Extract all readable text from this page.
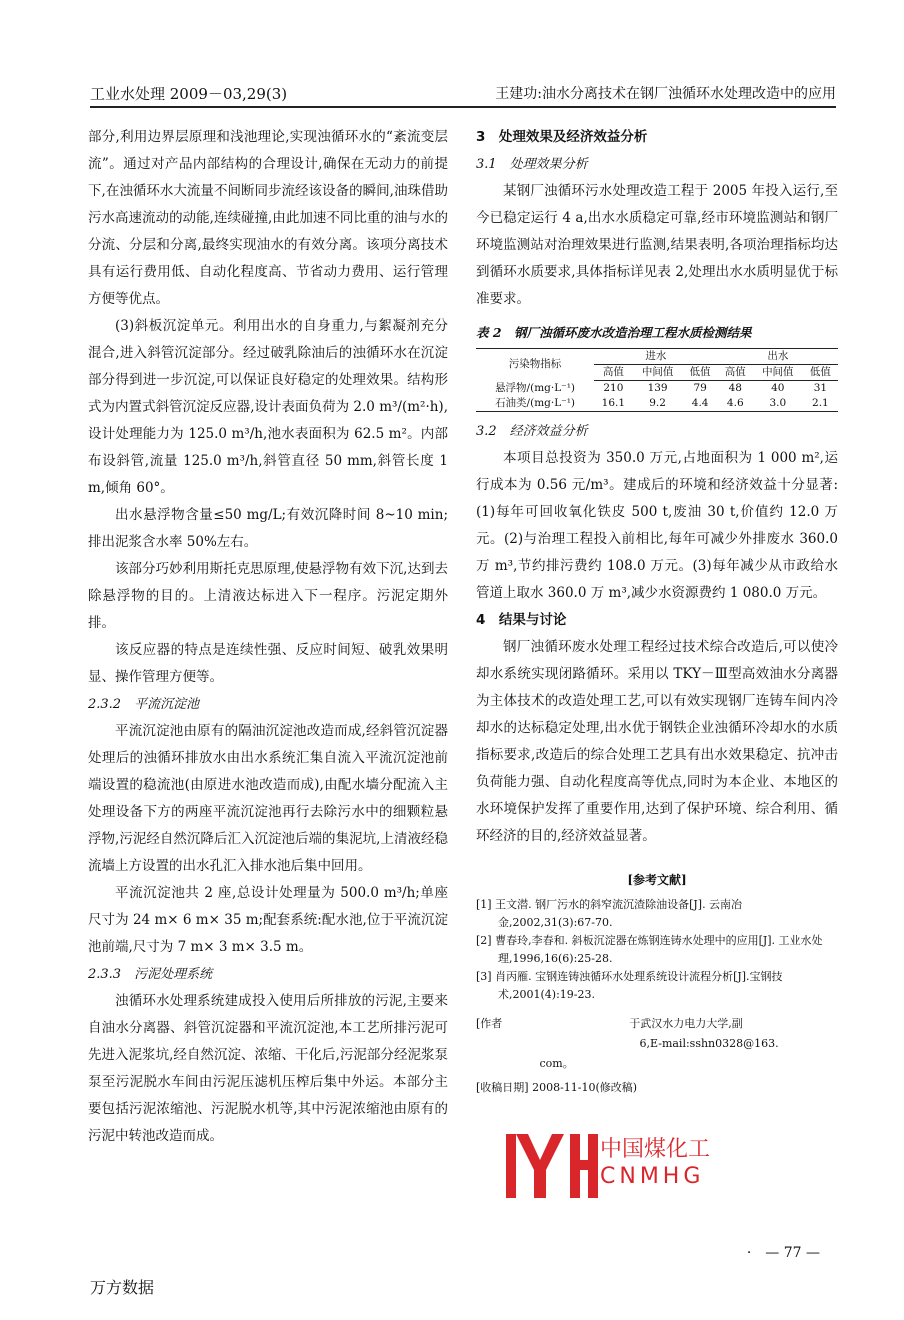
工业水处理 2009－03,29(3)	王建功:油水分离技术在钢厂浊循环水处理改造中的应用

部分,利用边界层原理和浅池理论,实现浊循环水的“紊流变层流”。通过对产品内部结构的合理设计,确保在无动力的前提下,在浊循环水大流量不间断同步流经该设备的瞬间,油珠借助污水高速流动的动能,连续碰撞,由此加速不同比重的油与水的分流、分层和分离,最终实现油水的有效分离。该项分离技术具有运行费用低、自动化程度高、节省动力费用、运行管理方便等优点。

(3)斜板沉淀单元。利用出水的自身重力,与絮凝剂充分混合,进入斜管沉淀部分。经过破乳除油后的浊循环水在沉淀部分得到进一步沉淀,可以保证良好稳定的处理效果。结构形式为内置式斜管沉淀反应器,设计表面负荷为 2.0 m³/(m²·h),设计处理能力为 125.0 m³/h,池水表面积为 62.5 m²。内部布设斜管,流量 125.0 m³/h,斜管直径 50 mm,斜管长度 1 m,倾角 60°。

出水悬浮物含量≤50 mg/L;有效沉降时间 8~10 min;排出泥浆含水率 50%左右。

该部分巧妙利用斯托克思原理,使悬浮物有效下沉,达到去除悬浮物的目的。上清液达标进入下一程序。污泥定期外排。

该反应器的特点是连续性强、反应时间短、破乳效果明显、操作管理方便等。

2.3.2　平流沉淀池

平流沉淀池由原有的隔油沉淀池改造而成,经斜管沉淀器处理后的浊循环排放水由出水系统汇集自流入平流沉淀池前端设置的稳流池(由原进水池改造而成),由配水墙分配流入主处理设备下方的两座平流沉淀池再行去除污水中的细颗粒悬浮物,污泥经自然沉降后汇入沉淀池后端的集泥坑,上清液经稳流墙上方设置的出水孔汇入排水池后集中回用。

平流沉淀池共 2 座,总设计处理量为 500.0 m³/h;单座尺寸为 24 m× 6 m× 35 m;配套系统:配水池,位于平流沉淀池前端,尺寸为 7 m× 3 m× 3.5 m。

2.3.3　污泥处理系统

浊循环水处理系统建成投入使用后所排放的污泥,主要来自油水分离器、斜管沉淀器和平流沉淀池,本工艺所排污泥可先进入泥浆坑,经自然沉淀、浓缩、干化后,污泥部分经泥浆泵泵至污泥脱水车间由污泥压滤机压榨后集中外运。本部分主要包括污泥浓缩池、污泥脱水机等,其中污泥浓缩池由原有的污泥中转池改造而成。

3　处理效果及经济效益分析

3.1　处理效果分析

某钢厂浊循环污水处理改造工程于 2005 年投入运行,至今已稳定运行 4 a,出水水质稳定可靠,经市环境监测站和钢厂环境监测站对治理效果进行监测,结果表明,各项治理指标均达到循环水质要求,具体指标详见表 2,处理出水水质明显优于标准要求。

表 2　钢厂浊循环废水改造治理工程水质检测结果

污染物指标	进水			出水		
	高值	中间值	低值	高值	中间值	低值
悬浮物/(mg·L⁻¹)	210	139	79	48	40	31
石油类/(mg·L⁻¹)	16.1	9.2	4.4	4.6	3.0	2.1

3.2　经济效益分析

本项目总投资为 350.0 万元,占地面积为 1 000 m²,运行成本为 0.56 元/m³。建成后的环境和经济效益十分显著:(1)每年可回收氧化铁皮 500 t,废油 30 t,价值约 12.0 万元。(2)与治理工程投入前相比,每年可减少外排废水 360.0 万 m³,节约排污费约 108.0 万元。(3)每年减少从市政给水管道上取水 360.0 万 m³,减少水资源费约 1 080.0 万元。

4　结果与讨论

钢厂浊循环废水处理工程经过技术综合改造后,可以使冷却水系统实现闭路循环。采用以 TKY－Ⅲ型高效油水分离器为主体技术的改造处理工艺,可以有效实现钢厂连铸车间内冷却水的达标稳定处理,出水优于钢铁企业浊循环冷却水的水质指标要求,改造后的综合处理工艺具有出水效果稳定、抗冲击负荷能力强、自动化程度高等优点,同时为本企业、本地区的水环境保护发挥了重要作用,达到了保护环境、综合利用、循环经济的目的,经济效益显著。

[参考文献]

[1] 王文潜. 钢厂污水的斜窄流沉渣除油设备[J]. 云南冶金,2002,31(3):67-70.

[2] 曹春玲,李春和. 斜板沉淀器在炼钢连铸水处理中的应用[J]. 工业水处理,1996,16(6):25-28.

[3] 肖丙雁. 宝钢连铸浊循环水处理系统设计流程分析[J].宝钢技术,2001(4):19-23.

[作者	于武汉水力电力大学,副
6,E-mail:sshn0328@163.
com。
[收稿日期] 2008-11-10(修改稿)
中国煤化工
CNMHG
·　— 77 —
万方数据
